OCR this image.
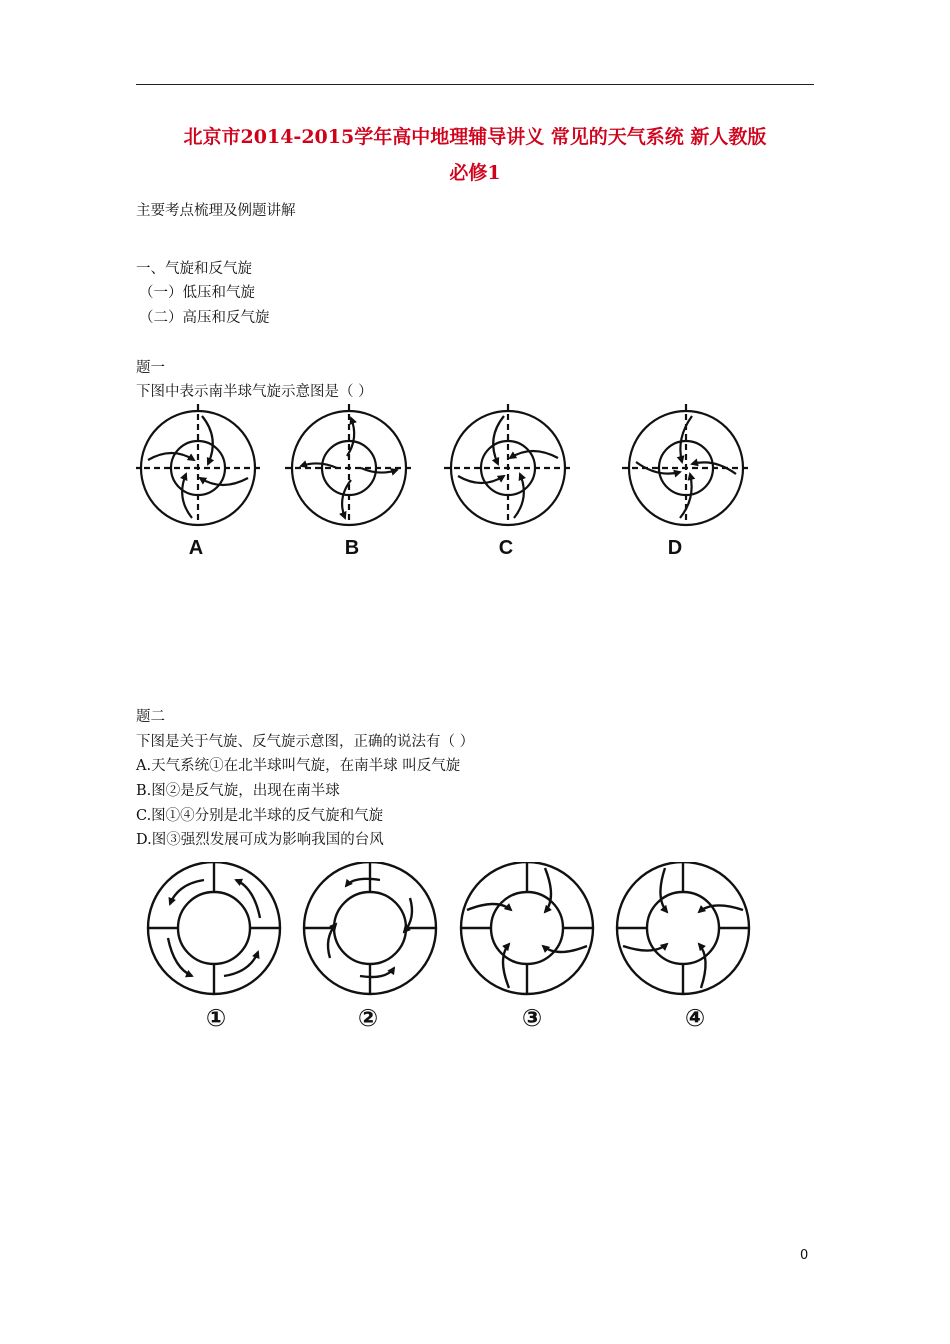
北京市2014-2015学年高中地理辅导讲义 常见的天气系统 新人教版
必修1
主要考点梳理及例题讲解
一、气旋和反气旋
（一）低压和气旋
（二）高压和反气旋
题一
下图中表示南半球气旋示意图是（ ）
A	B	C	D
题二
下图是关于气旋、反气旋示意图，正确的说法有（ ）
A.天气系统①在北半球叫气旋，在南半球 叫反气旋
B.图②是反气旋，出现在南半球
C.图①④分别是北半球的反气旋和气旋
D.图③强烈发展可成为影响我国的台风
①	②	③	④
0
